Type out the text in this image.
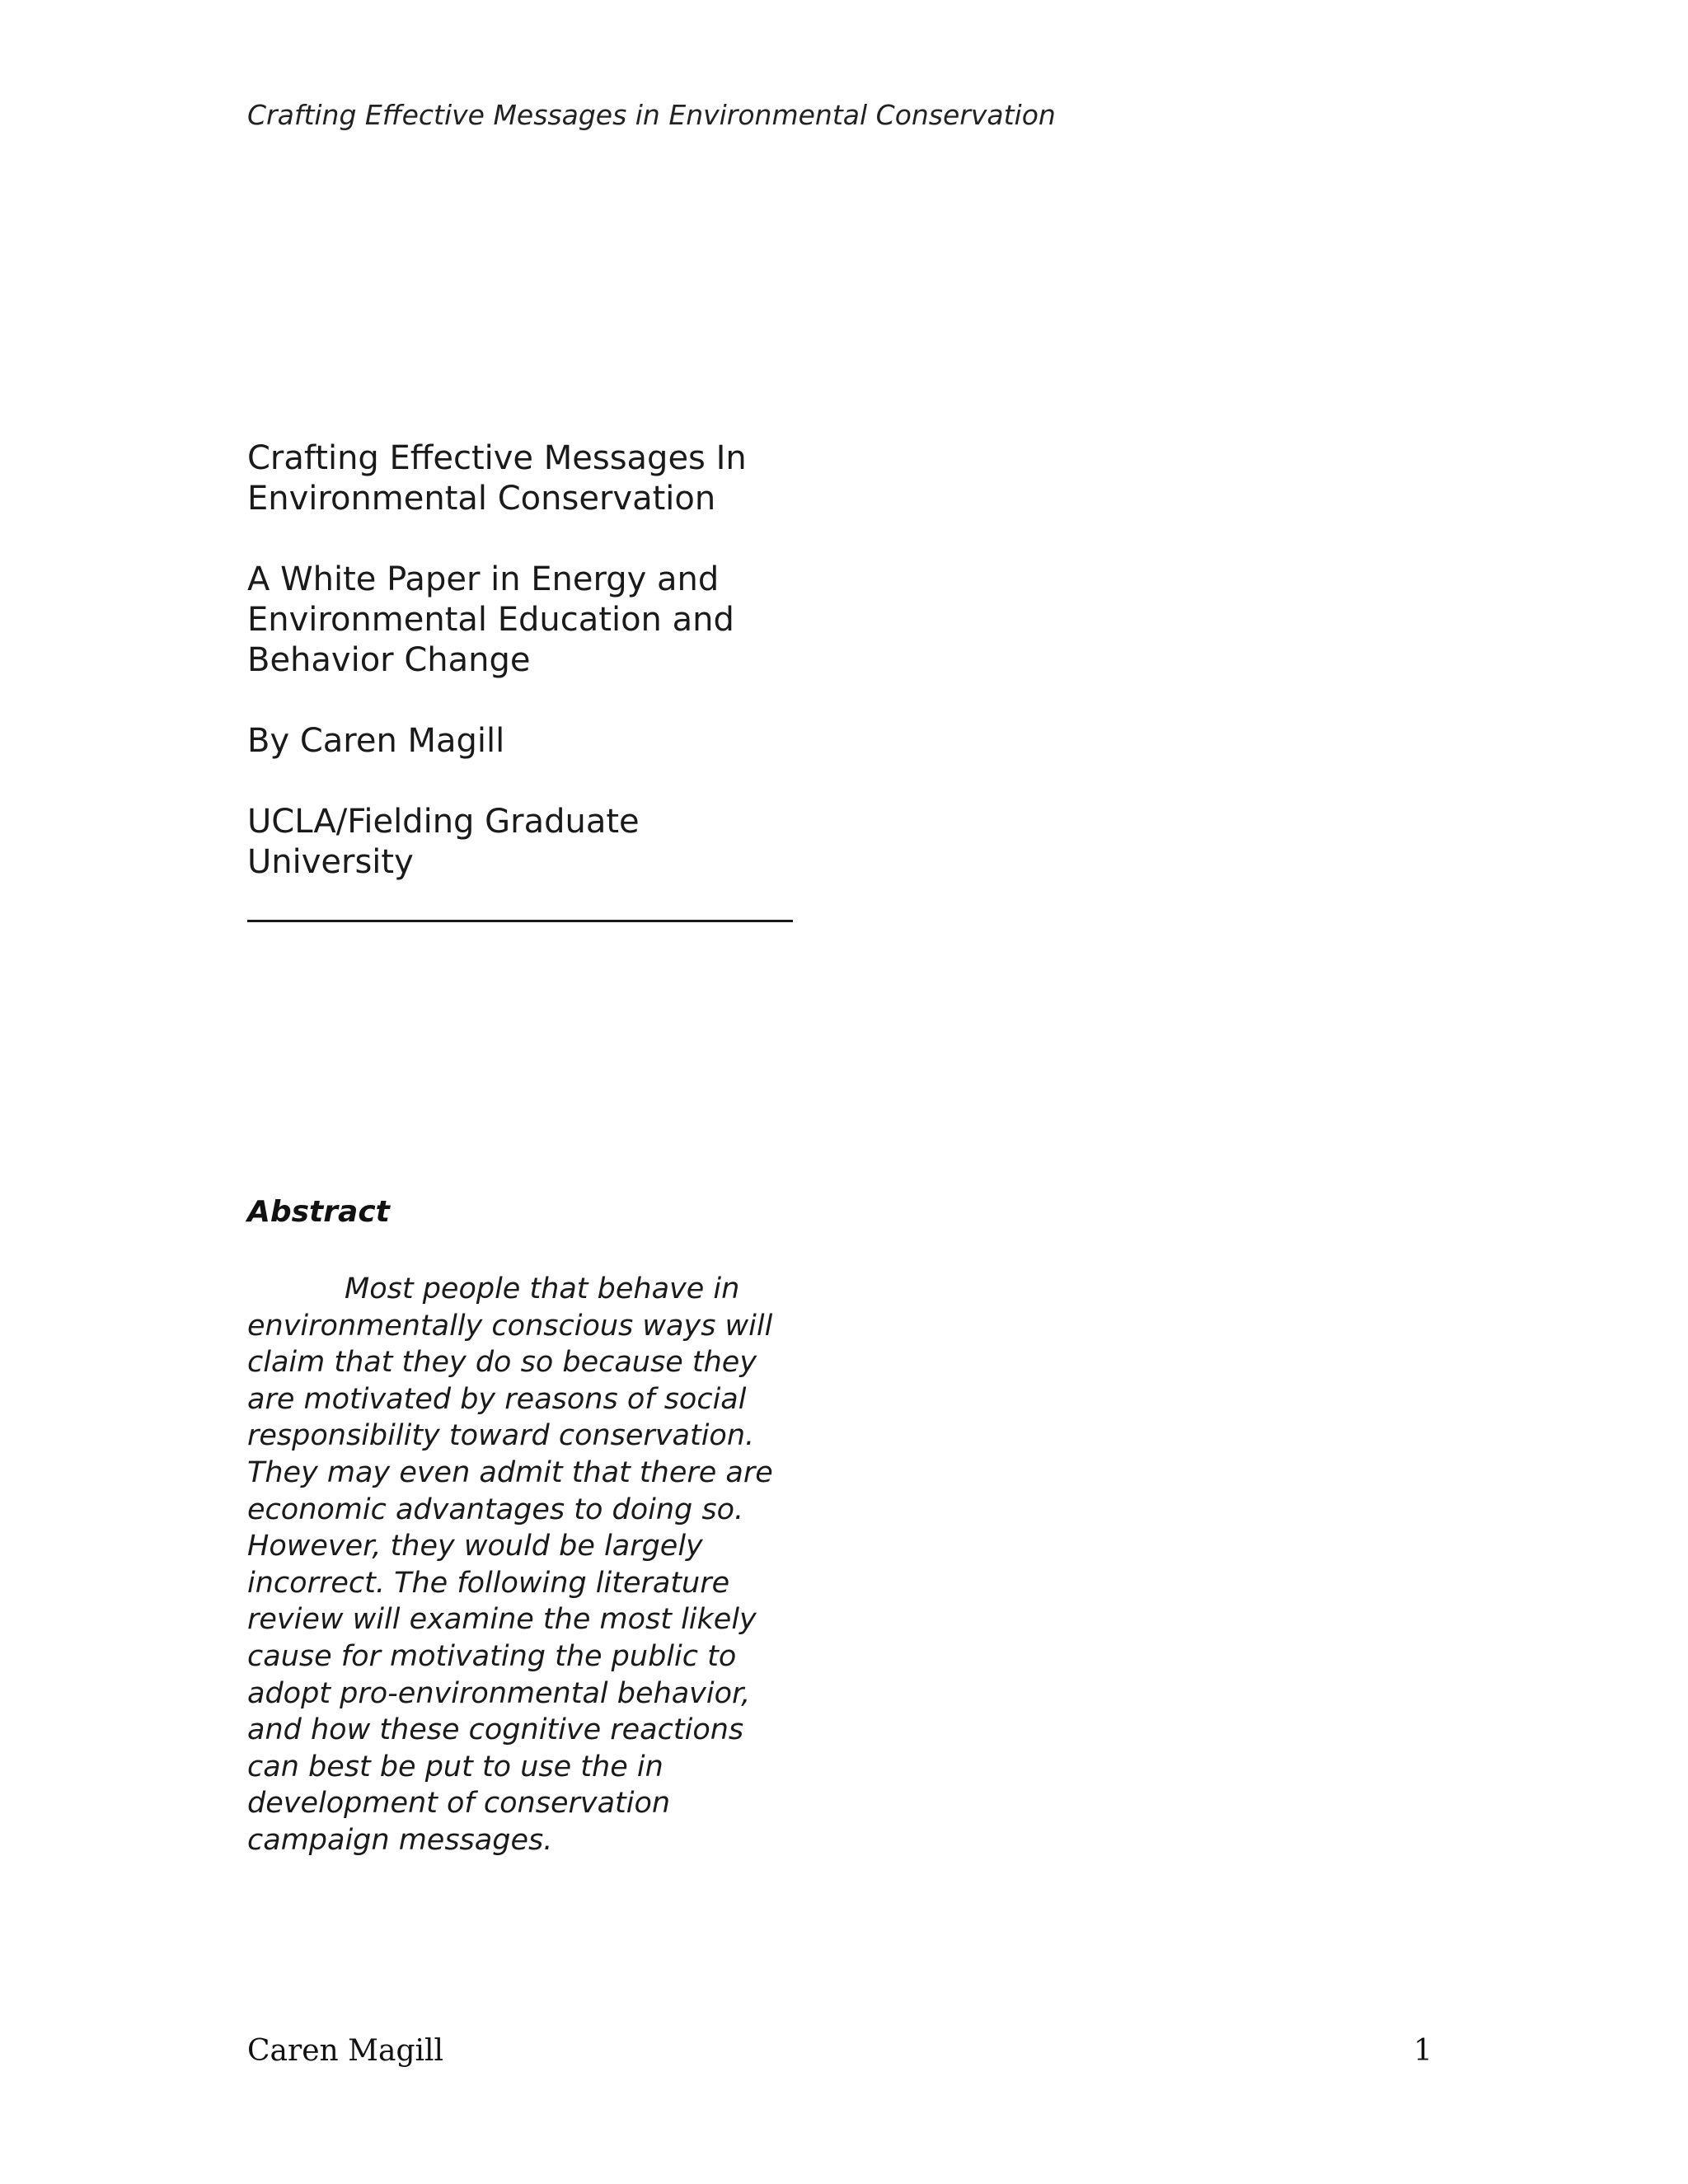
Crafting Effective Messages in Environmental Conservation

Crafting Effective Messages In
Environmental Conservation

A White Paper in Energy and
Environmental Education and
Behavior Change

By Caren Magill

UCLA/Fielding Graduate
University

Abstract
Most people that behave in
environmentally conscious ways will
claim that they do so because they
are motivated by reasons of social
responsibility toward conservation.
They may even admit that there are
economic advantages to doing so.
However, they would be largely
incorrect. The following literature
review will examine the most likely
cause for motivating the public to
adopt pro-environmental behavior,
and how these cognitive reactions
can best be put to use the in
development of conservation
campaign messages.
Caren Magill	1
